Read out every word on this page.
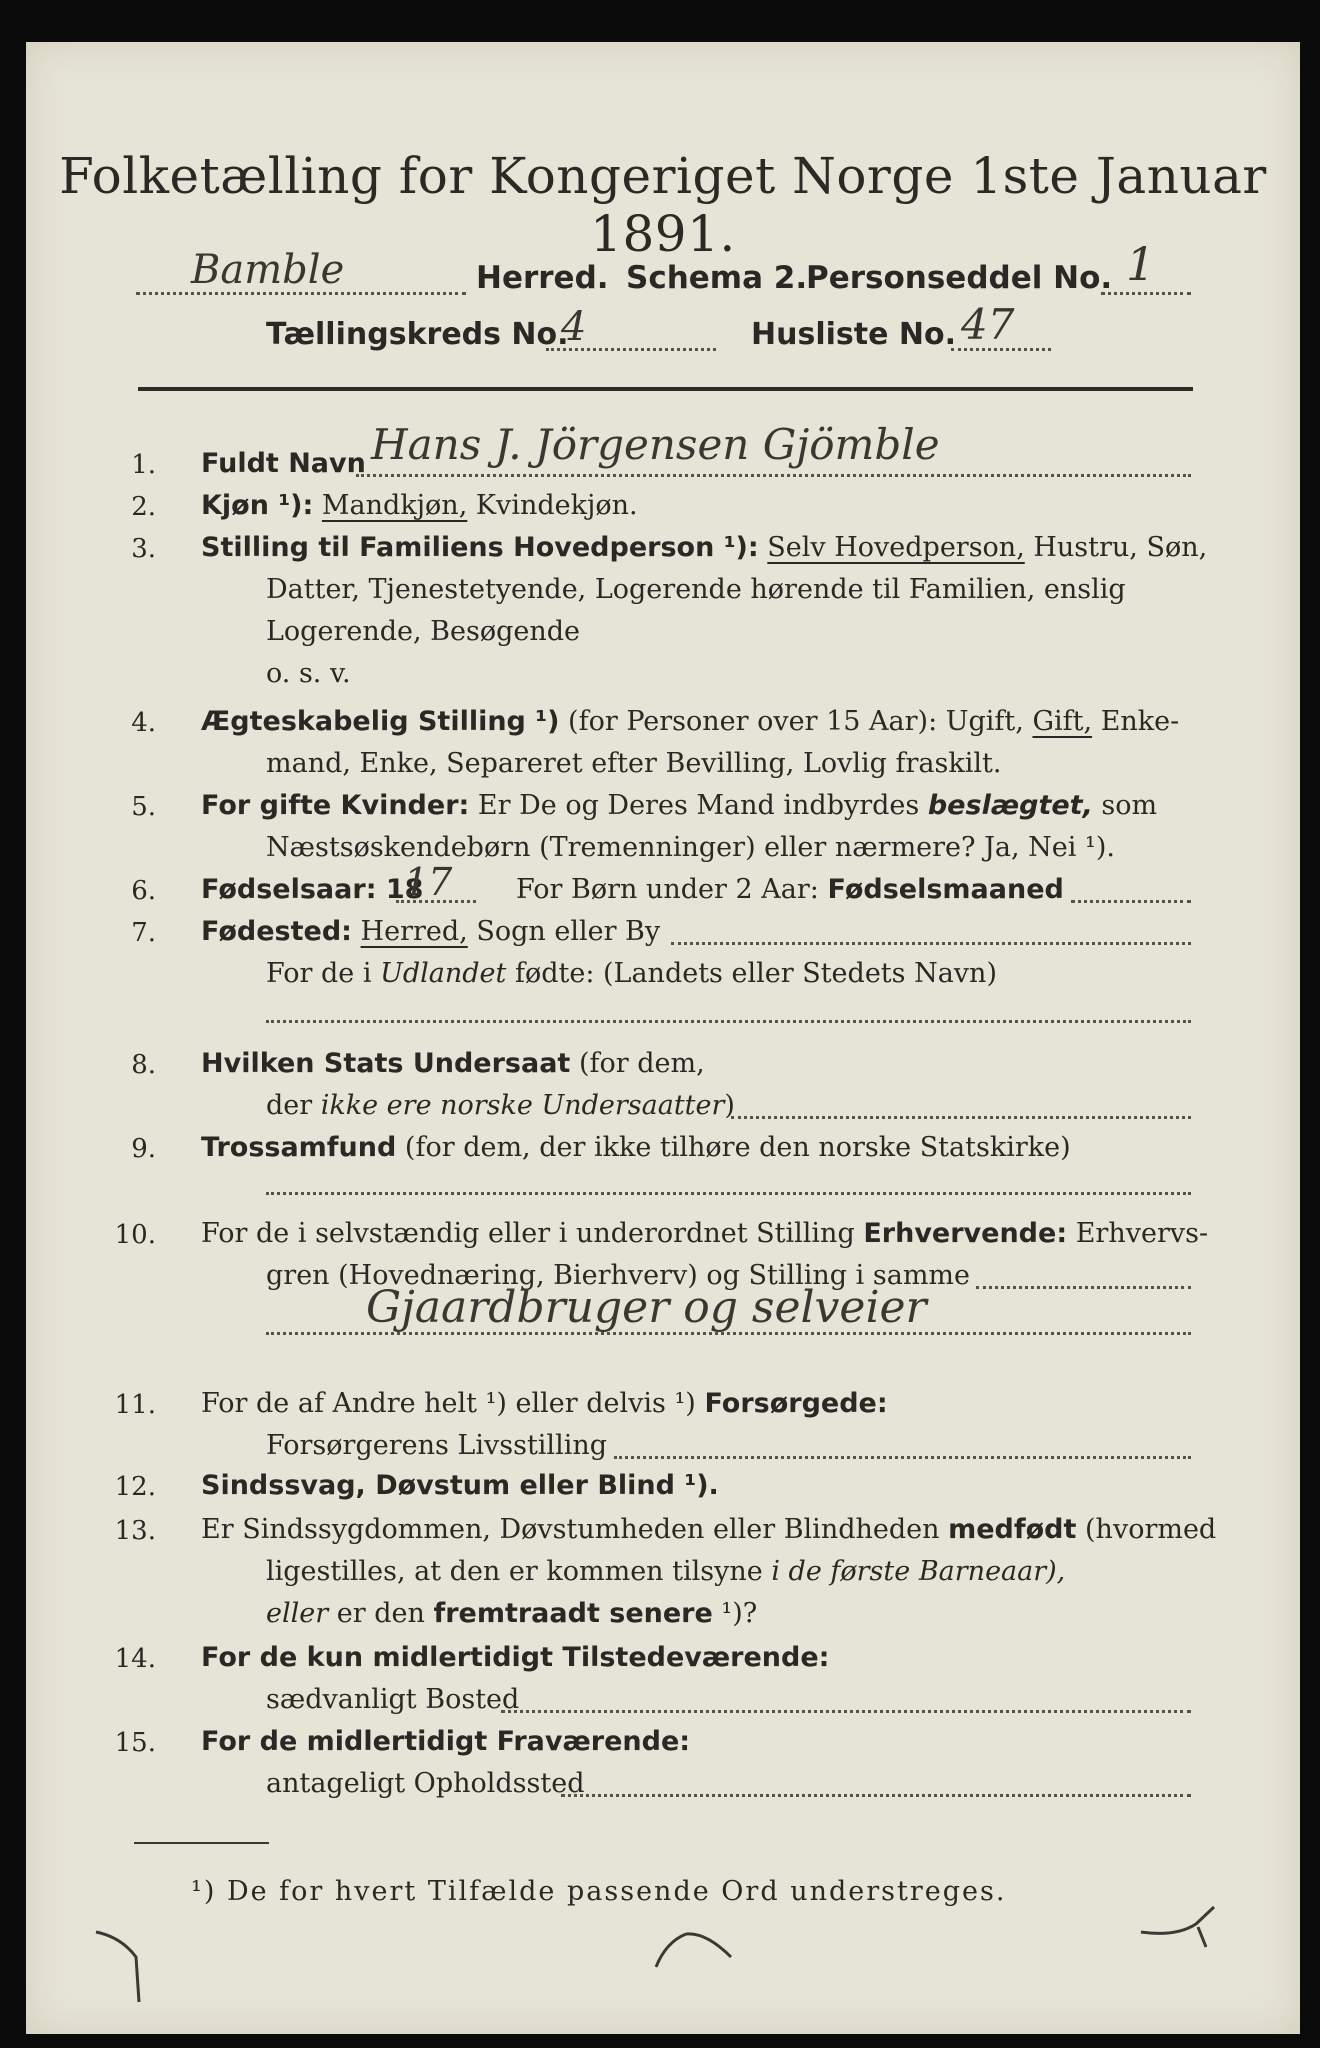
Folketælling for Kongeriget Norge 1ste Januar 1891.
Bamble	Herred. Schema 2.
Personseddel No. 1
Tællingskreds No.
4	Husliste No. 47
1. Fuldt Navn Hans J. Jörgensen Gjömble
2. Kjøn ¹): Mandkjøn, Kvindekjøn.
3. Stilling til Familiens Hovedperson ¹): Selv Hovedperson, Hustru, Søn,
Datter, Tjenestetyende, Logerende hørende til Familien, enslig
Logerende, Besøgende
o. s. v.
4. Ægteskabelig Stilling ¹) (for Personer over 15 Aar): Ugift, Gift, Enke-
mand, Enke, Separeret efter Bevilling, Lovlig fraskilt.
5. For gifte Kvinder: Er De og Deres Mand indbyrdes beslægtet, som
Næstsøskendebørn (Tremenninger) eller nærmere? Ja, Nei ¹).
6. Fødselsaar: 18
17 For Børn under 2 Aar: Fødselsmaaned
7. Fødested: Herred, Sogn eller By
For de i Udlandet fødte: (Landets eller Stedets Navn)
8. Hvilken Stats Undersaat (for dem,
der ikke ere norske Undersaatter)
9. Trossamfund (for dem, der ikke tilhøre den norske Statskirke)
10. For de i selvstændig eller i underordnet Stilling Erhvervende: Erhvervs-
gren (Hovednæring, Bierhverv) og Stilling i samme
Gjaardbruger og selveier
11. For de af Andre helt ¹) eller delvis ¹) Forsørgede:
Forsørgerens Livsstilling
12. Sindssvag, Døvstum eller Blind ¹).
13. Er Sindssygdommen, Døvstumheden eller Blindheden medfødt (hvormed
ligestilles, at den er kommen tilsyne i de første Barneaar),
eller er den fremtraadt senere ¹)?
14. For de kun midlertidigt Tilstedeværende:
sædvanligt Bosted
15. For de midlertidigt Fraværende:
antageligt Opholdssted
¹) De for hvert Tilfælde passende Ord understreges.
